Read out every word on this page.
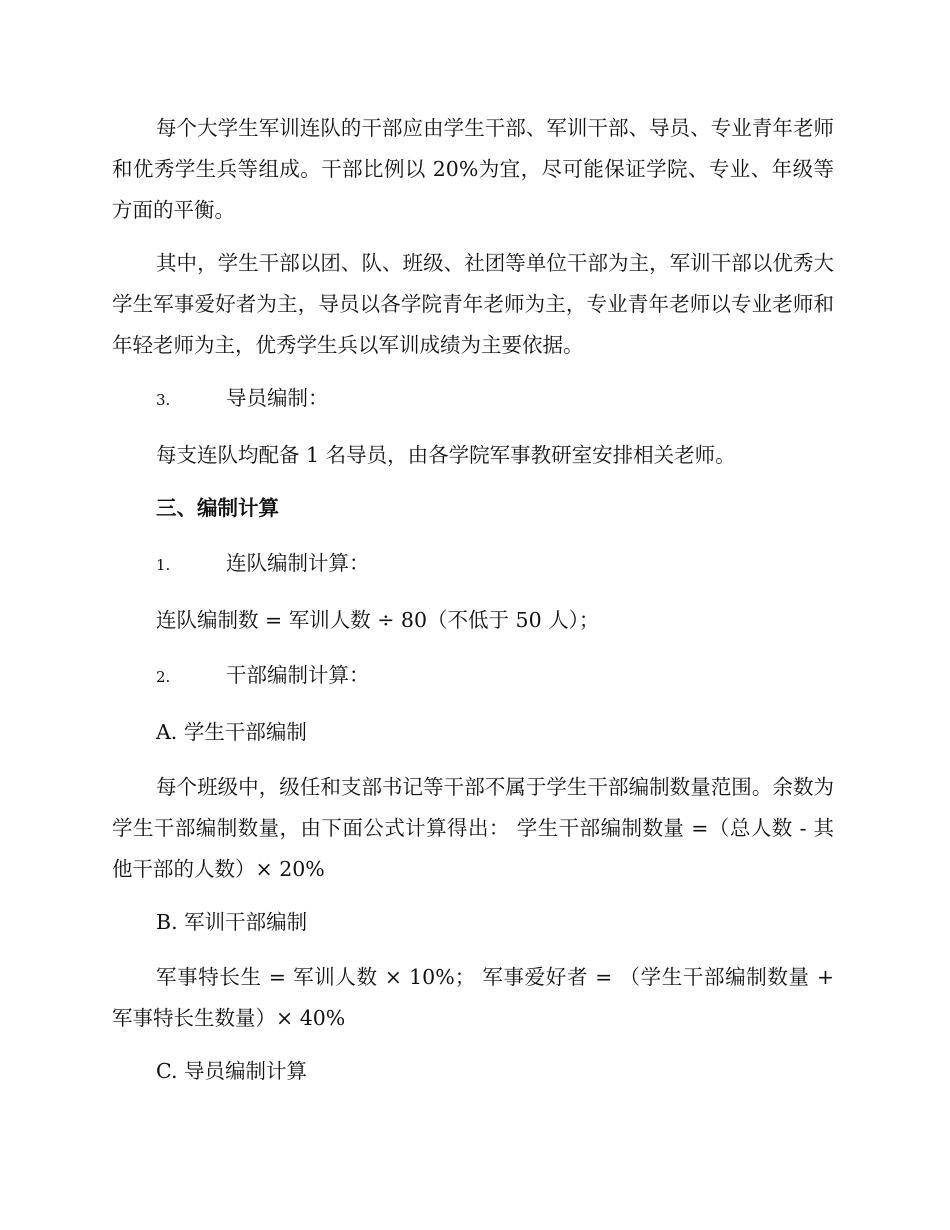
每个大学生军训连队的干部应由学生干部、军训干部、导员、专业青年老师和优秀学生兵等组成。干部比例以 20%为宜，尽可能保证学院、专业、年级等方面的平衡。

其中，学生干部以团、队、班级、社团等单位干部为主，军训干部以优秀大学生军事爱好者为主，导员以各学院青年老师为主，专业青年老师以专业老师和年轻老师为主，优秀学生兵以军训成绩为主要依据。

3.	导员编制：

每支连队均配备 1 名导员，由各学院军事教研室安排相关老师。

三、编制计算
1.	连队编制计算：
连队编制数 = 军训人数 ÷ 80（不低于 50 人）；
2.	干部编制计算：
A. 学生干部编制

每个班级中，级任和支部书记等干部不属于学生干部编制数量范围。余数为学生干部编制数量，由下面公式计算得出： 学生干部编制数量 =（总人数 - 其他干部的人数）× 20%

B. 军训干部编制

军事特长生 = 军训人数 × 10%； 军事爱好者 = （学生干部编制数量 + 军事特长生数量）× 40%

C. 导员编制计算
